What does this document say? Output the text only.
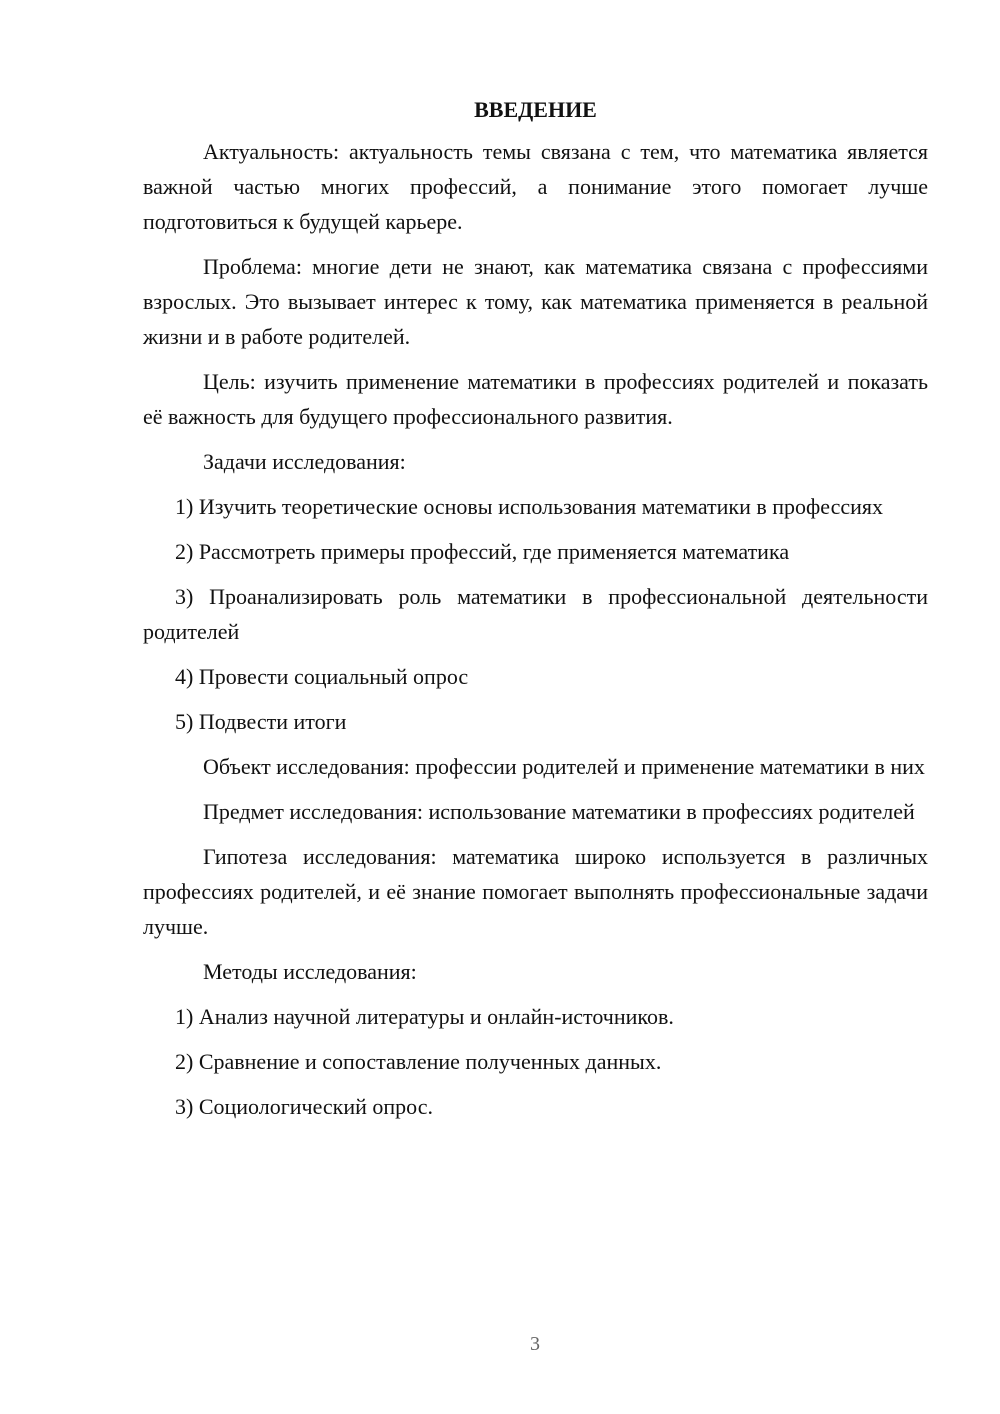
ВВЕДЕНИЕ

Актуальность: актуальность темы связана с тем, что математика является важной частью многих профессий, а понимание этого помогает лучше подготовиться к будущей карьере.

Проблема: многие дети не знают, как математика связана с профессиями взрослых. Это вызывает интерес к тому, как математика применяется в реальной жизни и в работе родителей.

Цель: изучить применение математики в профессиях родителей и показать её важность для будущего профессионального развития.

Задачи исследования:

1) Изучить теоретические основы использования математики в профессиях

2) Рассмотреть примеры профессий, где применяется математика

3) Проанализировать роль математики в профессиональной деятельности родителей

4) Провести социальный опрос

5) Подвести итоги

Объект исследования: профессии родителей и применение математики в них

Предмет исследования: использование математики в профессиях родителей

Гипотеза исследования: математика широко используется в различных профессиях родителей, и её знание помогает выполнять профессиональные задачи лучше.

Методы исследования:

1) Анализ научной литературы и онлайн-источников.

2) Сравнение и сопоставление полученных данных.

3) Социологический опрос.

3
